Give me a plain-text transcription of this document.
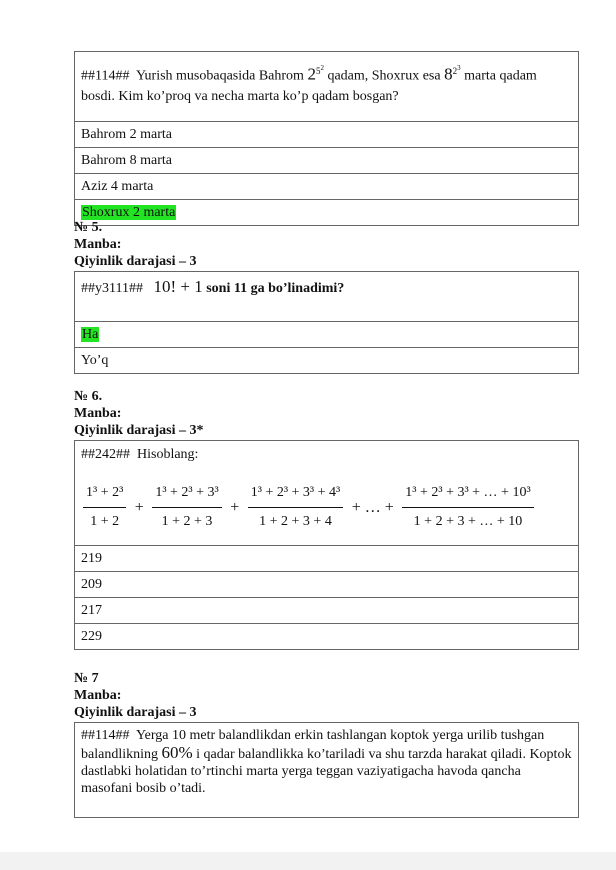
##114## Yurish musobaqasida Bahrom $2^{5^2}$ qadam, Shoxrux esa $8^{2^3}$ marta qadam bosdi. Kim ko’proq va necha marta ko’p qadam bosgan?
Bahrom 2 marta
Bahrom 8 marta
Aziz 4 marta
Shoxrux 2 marta
№ 5.
Manba:
Qiyinlik darajasi – 3
##y3111## 10! + 1 soni 11 ga bo’linadimi?
Ha
Yo’q
№ 6.
Manba:
Qiyinlik darajasi – 3*
##242## Hisoblang:
$\frac{\text{1³ + 2³}}{1 + 2} + \frac{\text{1³ + 2³ + 3³}}{1 + 2 + 3} + \frac{\text{1³ + 2³ + 3³ + 4³}}{1 + 2 + 3 + 4}$ + … + $\frac{\text{1³ + 2³ + 3³ + … + 10³}}{1 + 2 + 3 + \dots + 10}$

219
209
217
229
№ 7
Manba:
Qiyinlik darajasi – 3
##114## Yerga 10 metr balandlikdan erkin tashlangan koptok yerga urilib tushgan balandlikning 60% i qadar balandlikka ko’tariladi va shu tarzda harakat qiladi. Koptok dastlabki holatidan to’rtinchi marta yerga teggan vaziyatigacha havoda qancha masofani bosib o’tadi.
